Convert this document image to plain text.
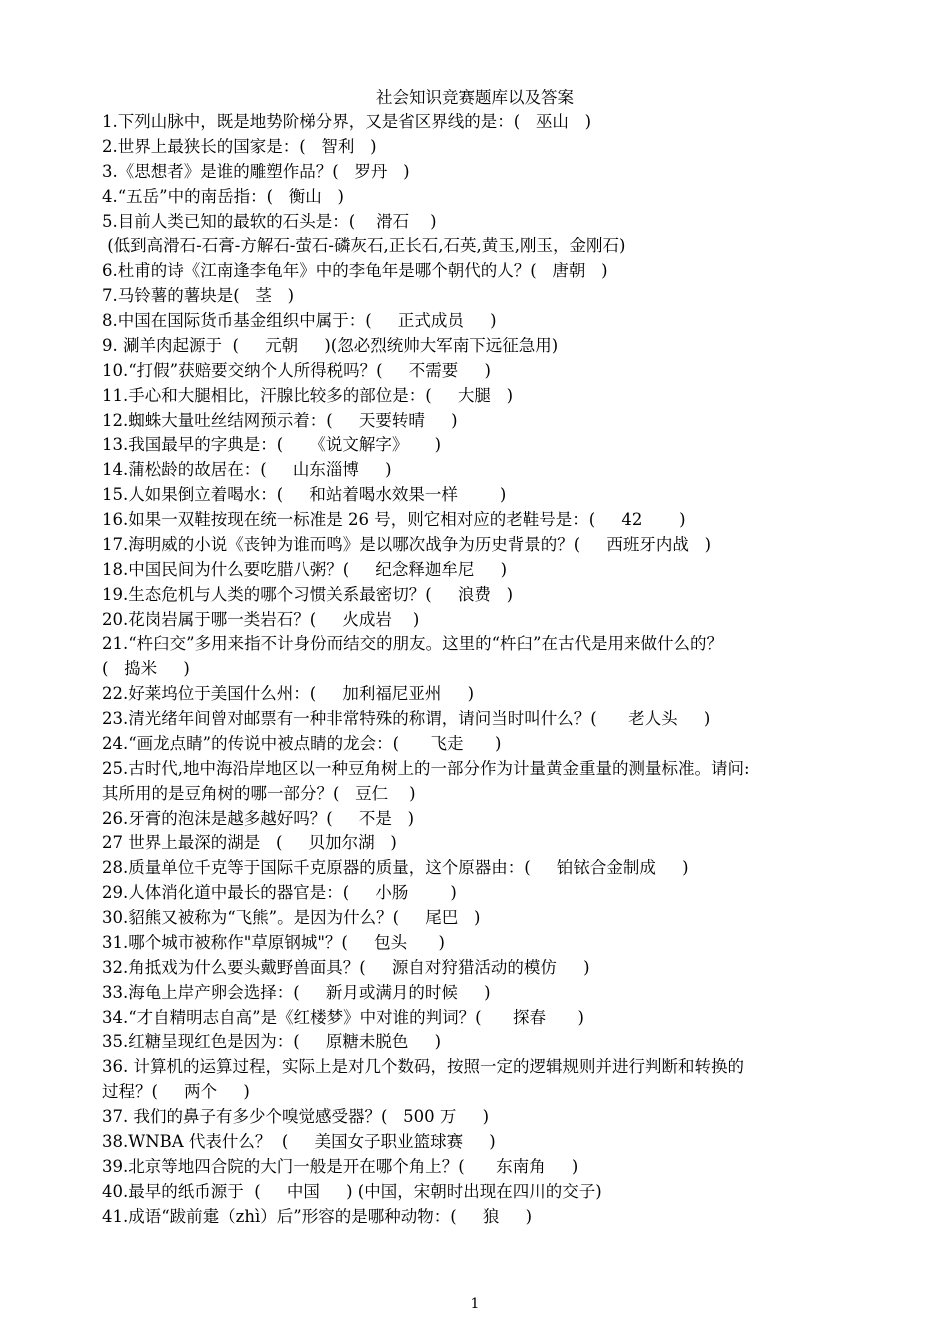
社会知识竞赛题库以及答案
1.下列山脉中，既是地势阶梯分界，又是省区界线的是：(   巫山   )
2.世界上最狭长的国家是：(   智利   )
3.《思想者》是谁的雕塑作品？(   罗丹   )
4.“五岳”中的南岳指：(   衡山   )
5.目前人类已知的最软的石头是：(    滑石    )
(低到高滑石-石膏-方解石-萤石-磷灰石,正长石,石英,黄玉,刚玉，金刚石)
6.杜甫的诗《江南逢李龟年》中的李龟年是哪个朝代的人？(   唐朝   )
7.马铃薯的薯块是(   茎   )
8.中国在国际货币基金组织中属于：(     正式成员     )
9. 涮羊肉起源于  (     元朝     )(忽必烈统帅大军南下远征急用)
10.“打假”获赔要交纳个人所得税吗？(     不需要     )
11.手心和大腿相比，汗腺比较多的部位是：(     大腿   )
12.蜘蛛大量吐丝结网预示着：(     天要转晴     )
13.我国最早的字典是：(     《说文解字》     )
14.蒲松龄的故居在：(     山东淄博     )
15.人如果倒立着喝水：(     和站着喝水效果一样        )
16.如果一双鞋按现在统一标准是 26 号，则它相对应的老鞋号是：(     42       )
17.海明威的小说《丧钟为谁而鸣》是以哪次战争为历史背景的？(     西班牙内战   )
18.中国民间为什么要吃腊八粥？(     纪念释迦牟尼     )
19.生态危机与人类的哪个习惯关系最密切？(     浪费   )
20.花岗岩属于哪一类岩石？(     火成岩    )
21.“杵臼交”多用来指不计身份而结交的朋友。这里的“杵臼”在古代是用来做什么的？
(   捣米     )
22.好莱坞位于美国什么州：(     加利福尼亚州     )
23.清光绪年间曾对邮票有一种非常特殊的称谓，请问当时叫什么？(      老人头     )
24.“画龙点睛”的传说中被点睛的龙会：(      飞走      )
25.古时代,地中海沿岸地区以一种豆角树上的一部分作为计量黄金重量的测量标准。请问:
其所用的是豆角树的哪一部分？(   豆仁    )
26.牙膏的泡沫是越多越好吗？(     不是   )
27 世界上最深的湖是   (     贝加尔湖   )
28.质量单位千克等于国际千克原器的质量，这个原器由：(     铂铱合金制成     )
29.人体消化道中最长的器官是：(     小肠        )
30.貂熊又被称为“飞熊”。是因为什么？(     尾巴   )
31.哪个城市被称作"草原钢城"？(     包头      )
32.角抵戏为什么要头戴野兽面具？(     源自对狩猎活动的模仿     )
33.海龟上岸产卵会选择：(     新月或满月的时候     )
34.“才自精明志自高”是《红楼梦》中对谁的判词？(      探春      )
35.红糖呈现红色是因为：(     原糖未脱色     )
36. 计算机的运算过程，实际上是对几个数码，按照一定的逻辑规则并进行判断和转换的
过程？(     两个     )
37. 我们的鼻子有多少个嗅觉感受器？(   500 万     )
38.WNBA 代表什么？  (     美国女子职业篮球赛     )
39.北京等地四合院的大门一般是开在哪个角上？(      东南角     )
40.最早的纸币源于  (     中国     ) (中国，宋朝时出现在四川的交子)
41.成语“跋前疐（zhì）后”形容的是哪种动物：(     狼     )
1
